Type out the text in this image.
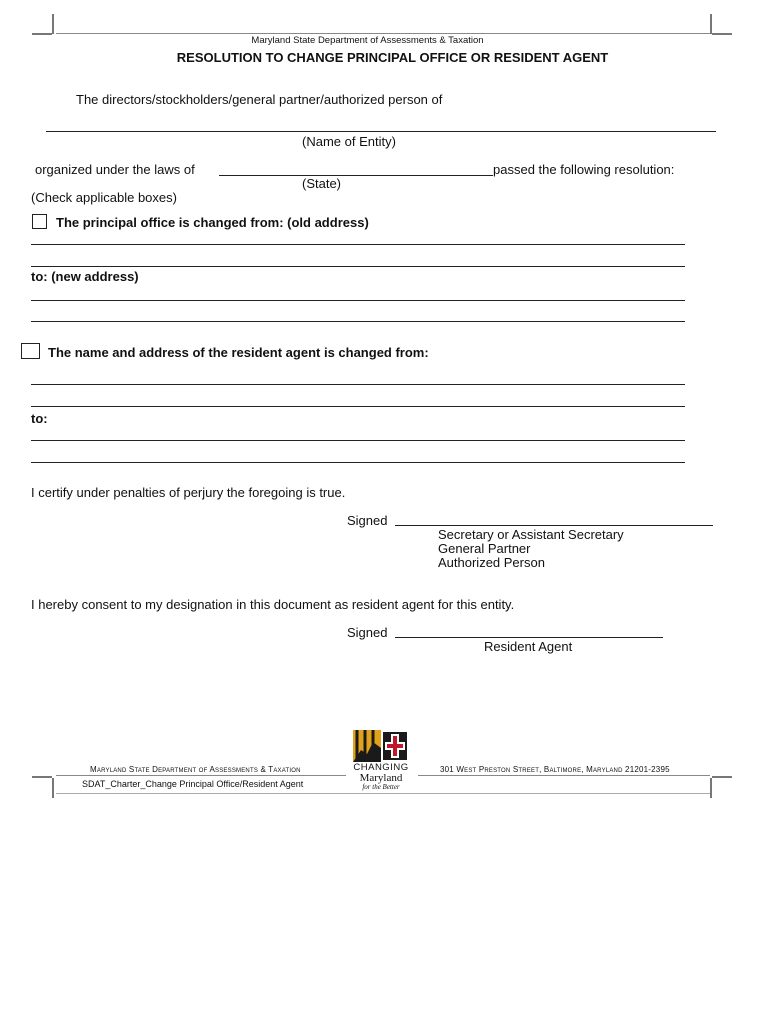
Maryland State Department of Assessments & Taxation
RESOLUTION TO CHANGE PRINCIPAL OFFICE OR RESIDENT AGENT
The directors/stockholders/general partner/authorized person of
(Name of Entity)
organized under the laws of	passed the following resolution:
(State)
(Check applicable boxes)
The principal office is changed from: (old address)
to: (new address)
The name and address of the resident agent is changed from:
to:
I certify under penalties of perjury the foregoing is true.
Signed
Secretary or Assistant Secretary
General Partner
Authorized Person
I hereby consent to my designation in this document as resident agent for this entity.
Signed
Resident Agent
Maryland State Department of Assessments & Taxation	301 West Preston Street, Baltimore, Maryland 21201-2395
SDAT_Charter_Change Principal Office/Resident Agent
CHANGING
Maryland
for the Better
